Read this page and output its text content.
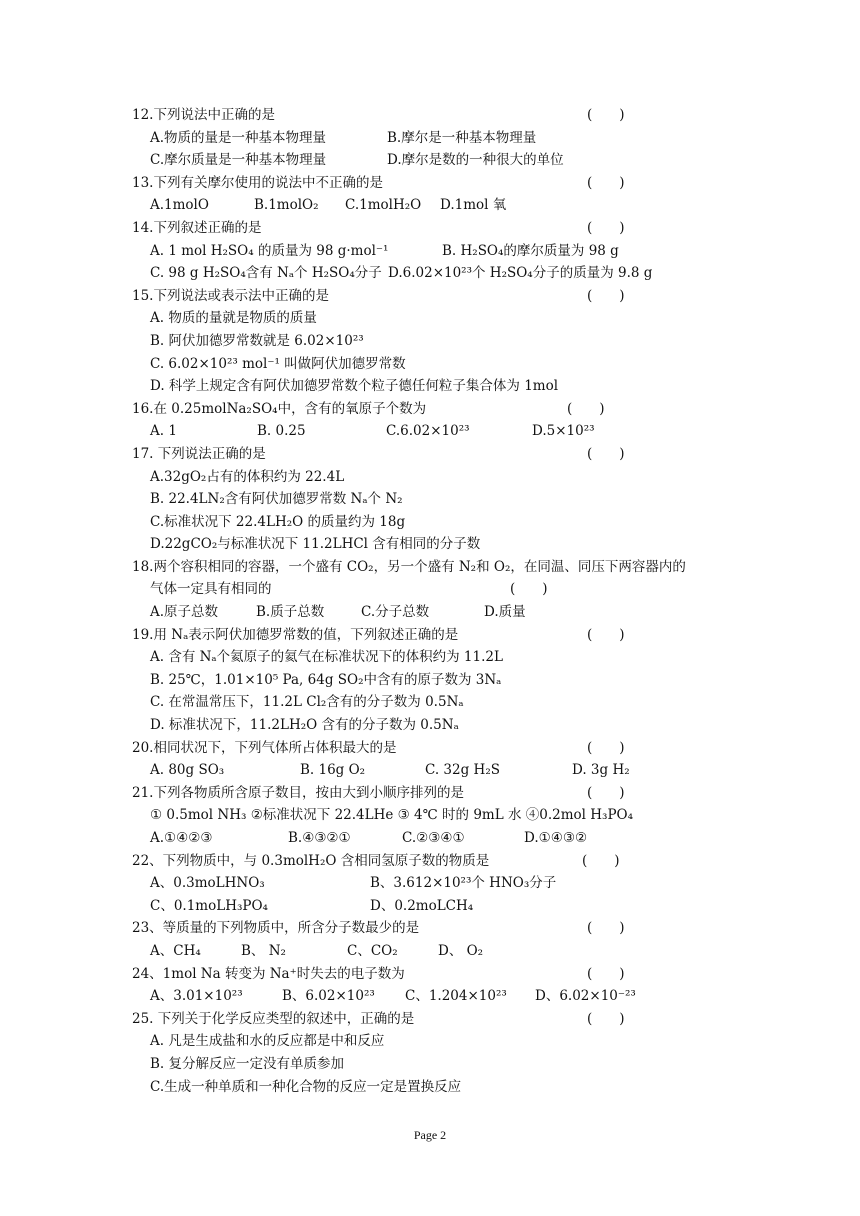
12.下列说法中正确的是	(　　)
A.物质的量是一种基本物理量	B.摩尔是一种基本物理量
C.摩尔质量是一种基本物理量	D.摩尔是数的一种很大的单位
13.下列有关摩尔使用的说法中不正确的是	(　　)
A.1molO	B.1molO₂ C.1molH₂O D.1mol 氧
14.下列叙述正确的是	(　　)
A. 1 mol H₂SO₄ 的质量为 98 g·mol⁻¹	B. H₂SO₄的摩尔质量为 98 g
C. 98 g H₂SO₄含有 Nₐ个 H₂SO₄分子 D.6.02×10²³个 H₂SO₄分子的质量为 9.8 g
15.下列说法或表示法中正确的是	(　　)
A. 物质的量就是物质的质量
B. 阿伏加德罗常数就是 6.02×10²³
C. 6.02×10²³ mol⁻¹ 叫做阿伏加德罗常数
D. 科学上规定含有阿伏加德罗常数个粒子德任何粒子集合体为 1mol
16.在 0.25molNa₂SO₄中，含有的氧原子个数为	(　　)
A. 1	B. 0.25	C.6.02×10²³	D.5×10²³
17. 下列说法正确的是	(　　)
A.32gO₂占有的体积约为 22.4L
B. 22.4LN₂含有阿伏加德罗常数 Nₐ个 N₂
C.标准状况下 22.4LH₂O 的质量约为 18g
D.22gCO₂与标准状况下 11.2LHCl 含有相同的分子数
18.两个容积相同的容器，一个盛有 CO₂，另一个盛有 N₂和 O₂，在同温、同压下两容器内的
气体一定具有相同的	(　　)
A.原子总数	B.质子总数	C.分子总数	D.质量
19.用 Nₐ表示阿伏加德罗常数的值，下列叙述正确的是	(　　)
A. 含有 Nₐ个氦原子的氦气在标准状况下的体积约为 11.2L
B. 25℃，1.01×10⁵ Pa, 64g SO₂中含有的原子数为 3Nₐ
C. 在常温常压下，11.2L Cl₂含有的分子数为 0.5Nₐ
D. 标准状况下，11.2LH₂O 含有的分子数为 0.5Nₐ
20.相同状况下，下列气体所占体积最大的是	(　　)
A. 80g SO₃	B. 16g O₂	C. 32g H₂S	D. 3g H₂
21.下列各物质所含原子数目，按由大到小顺序排列的是	(　　)
① 0.5mol NH₃ ②标准状况下 22.4LHe ③ 4℃ 时的 9mL 水 ④0.2mol H₃PO₄
A.①④②③	B.④③②①	C.②③④①	D.①④③②
22、下列物质中，与 0.3molH₂O 含相同氢原子数的物质是	(　　)
A、0.3moLHNO₃	B、3.612×10²³个 HNO₃分子
C、0.1moLH₃PO₄	D、0.2moLCH₄
23、等质量的下列物质中，所含分子数最少的是	(　　)
A、CH₄	B、 N₂	C、CO₂	D、 O₂
24、1mol Na 转变为 Na⁺时失去的电子数为	(　　)
A、3.01×10²³	B、6.02×10²³ C、1.204×10²³ D、6.02×10⁻²³
25. 下列关于化学反应类型的叙述中，正确的是	(　　)
A. 凡是生成盐和水的反应都是中和反应
B. 复分解反应一定没有单质参加
C.生成一种单质和一种化合物的反应一定是置换反应
Page 2
